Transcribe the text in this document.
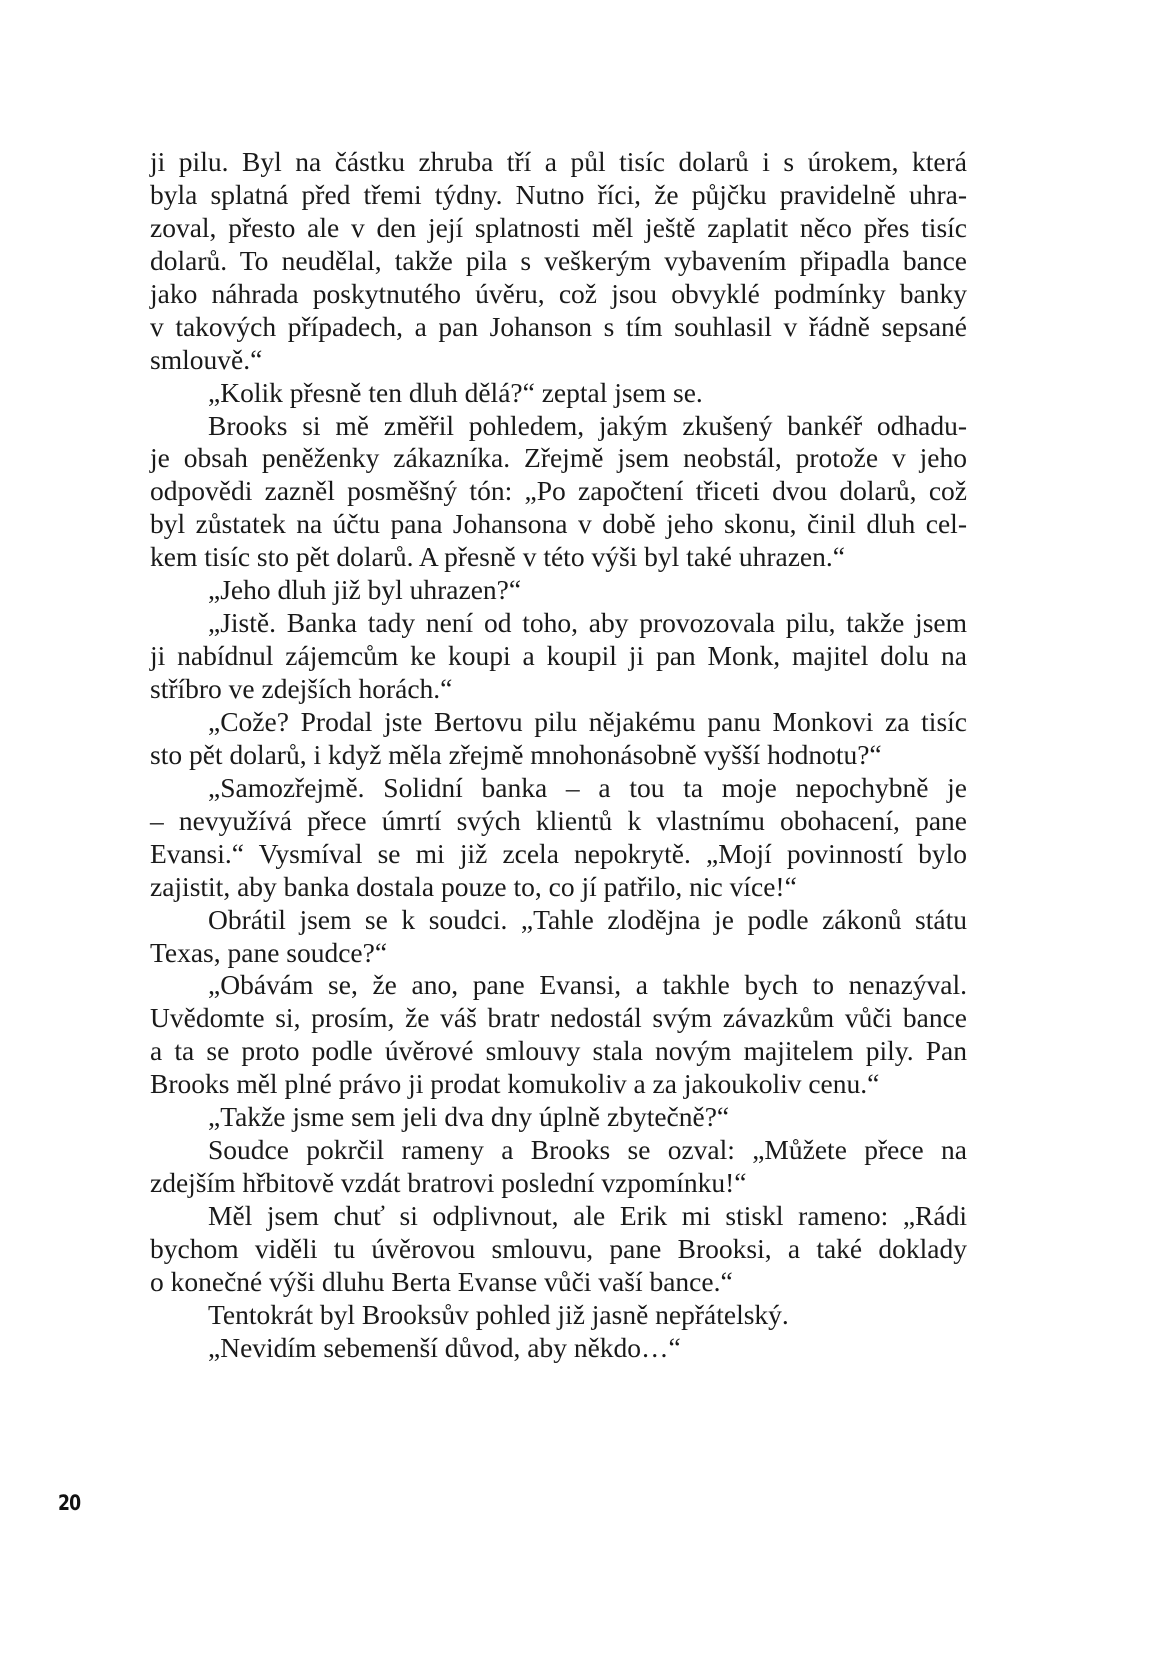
ji pilu. Byl na částku zhruba tří a půl tisíc dolarů i s úrokem, která
byla splatná před třemi týdny. Nutno říci, že půjčku pravidelně uhra-
zoval, přesto ale v den její splatnosti měl ještě zaplatit něco přes tisíc
dolarů. To neudělal, takže pila s veškerým vybavením připadla bance
jako náhrada poskytnutého úvěru, což jsou obvyklé podmínky banky
v takových případech, a pan Johanson s tím souhlasil v řádně sepsané
smlouvě.“
„Kolik přesně ten dluh dělá?“ zeptal jsem se.
Brooks si mě změřil pohledem, jakým zkušený bankéř odhadu-
je obsah peněženky zákazníka. Zřejmě jsem neobstál, protože v jeho
odpovědi zazněl posměšný tón: „Po započtení třiceti dvou dolarů, což
byl zůstatek na účtu pana Johansona v době jeho skonu, činil dluh cel-
kem tisíc sto pět dolarů. A přesně v této výši byl také uhrazen.“
„Jeho dluh již byl uhrazen?“
„Jistě. Banka tady není od toho, aby provozovala pilu, takže jsem
ji nabídnul zájemcům ke koupi a koupil ji pan Monk, majitel dolu na
stříbro ve zdejších horách.“
„Cože? Prodal jste Bertovu pilu nějakému panu Monkovi za tisíc
sto pět dolarů, i když měla zřejmě mnohonásobně vyšší hodnotu?“
„Samozřejmě. Solidní banka – a tou ta moje nepochybně je
– nevyužívá přece úmrtí svých klientů k vlastnímu obohacení, pane
Evansi.“ Vysmíval se mi již zcela nepokrytě. „Mojí povinností bylo
zajistit, aby banka dostala pouze to, co jí patřilo, nic více!“
Obrátil jsem se k soudci. „Tahle zlodějna je podle zákonů státu
Texas, pane soudce?“
„Obávám se, že ano, pane Evansi, a takhle bych to nenazýval.
Uvědomte si, prosím, že váš bratr nedostál svým závazkům vůči bance
a ta se proto podle úvěrové smlouvy stala novým majitelem pily. Pan
Brooks měl plné právo ji prodat komukoliv a za jakoukoliv cenu.“
„Takže jsme sem jeli dva dny úplně zbytečně?“
Soudce pokrčil rameny a Brooks se ozval: „Můžete přece na
zdejším hřbitově vzdát bratrovi poslední vzpomínku!“
Měl jsem chuť si odplivnout, ale Erik mi stiskl rameno: „Rádi
bychom viděli tu úvěrovou smlouvu, pane Brooksi, a také doklady
o konečné výši dluhu Berta Evanse vůči vaší bance.“
Tentokrát byl Brooksův pohled již jasně nepřátelský.
„Nevidím sebemenší důvod, aby někdo…“
20
